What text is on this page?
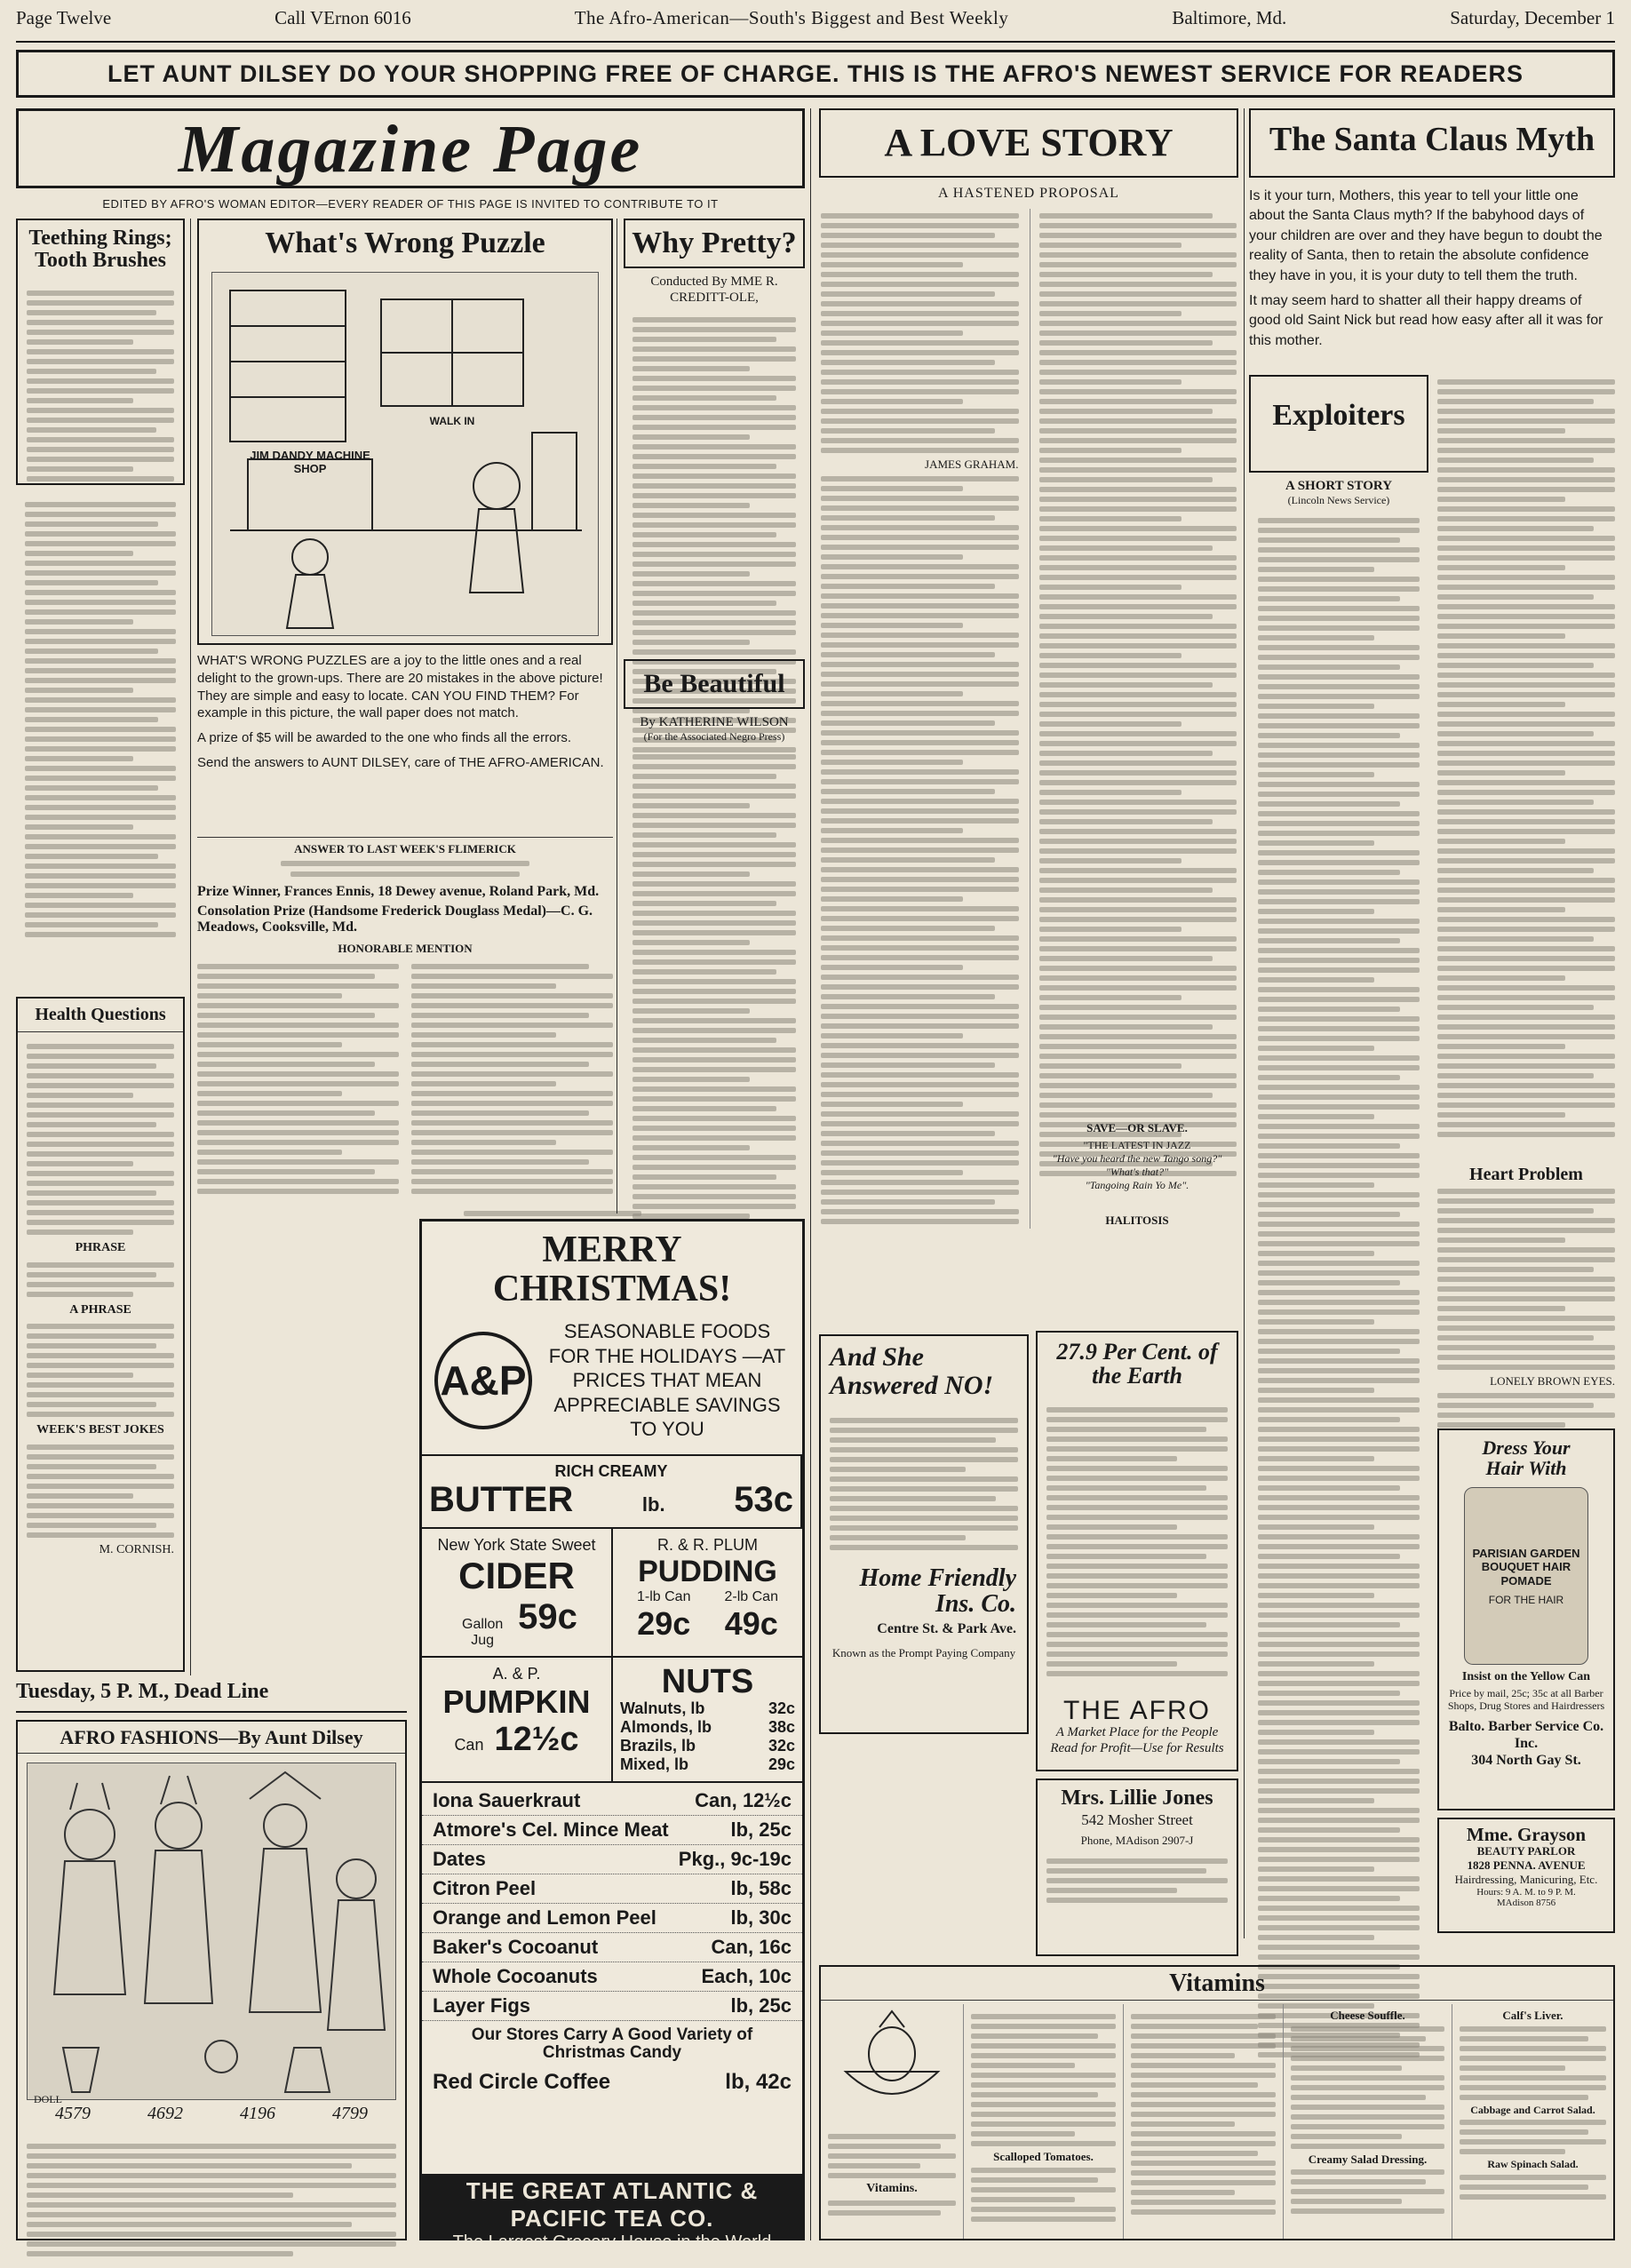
Page Twelve	Call VErnon 6016	The Afro-American—South's Biggest and Best Weekly	Baltimore, Md.	Saturday, December 1
LET AUNT DILSEY DO YOUR SHOPPING FREE OF CHARGE. THIS IS THE AFRO'S NEWEST SERVICE FOR READERS
Magazine Page
EDITED BY AFRO'S WOMAN EDITOR—EVERY READER OF THIS PAGE IS INVITED TO CONTRIBUTE TO IT
Teething Rings; Tooth Brushes
Health Questions
PHRASE
A PHRASE
WEEK'S BEST JOKES
M. CORNISH.
Tuesday, 5 P. M., Dead Line
AFRO FASHIONS—By Aunt Dilsey
4579	4692	4196	4799
DOLL
What's Wrong Puzzle
JIM DANDY MACHINE SHOP
WALK IN

WHAT'S WRONG PUZZLES are a joy to the little ones and a real delight to the grown-ups. There are 20 mistakes in the above picture! They are simple and easy to locate. CAN YOU FIND THEM? For example in this picture, the wall paper does not match.

A prize of $5 will be awarded to the one who finds all the errors.

Send the answers to AUNT DILSEY, care of THE AFRO-AMERICAN.

ANSWER TO LAST WEEK'S FLIMERICK

Prize Winner, Frances Ennis, 18 Dewey avenue, Roland Park, Md.

Consolation Prize (Handsome Frederick Douglass Medal)—C. G. Meadows, Cooksville, Md.

HONORABLE MENTION
Why Pretty?
Conducted By MME R. CREDITT-OLE,
Be Beautiful
By KATHERINE WILSON
(For the Associated Negro Press)
MERRY CHRISTMAS!
A&P
SEASONABLE FOODS FOR THE HOLIDAYS —AT PRICES THAT MEAN APPRECIABLE SAVINGS TO YOU
RICH CREAMY
BUTTER	lb. 53c
New York State Sweet
CIDER
Gallon Jug
59c
R. & R. PLUM
PUDDING
1-lb Can 2-lb Can
29c 49c
A. & P.
PUMPKIN
Can 12½c
NUTS
Walnuts, lb	32c
Almonds, lb	38c
Brazils, lb	32c
Mixed, lb	29c
Iona Sauerkraut	Can, 12½c
Atmore's Cel. Mince Meat	lb, 25c
Dates	Pkg., 9c-19c
Citron Peel	lb, 58c
Orange and Lemon Peel	lb, 30c
Baker's Cocoanut	Can, 16c
Whole Cocoanuts	Each, 10c
Layer Figs	lb, 25c
Our Stores Carry A Good Variety of Christmas Candy
Red Circle Coffee	lb, 42c
THE GREAT ATLANTIC & PACIFIC TEA CO.
The Largest Grocery House in the World
A LOVE STORY
A HASTENED PROPOSAL
JAMES GRAHAM.
SAVE—OR SLAVE.
"THE LATEST IN JAZZ
"Have you heard the new Tango song?"
"What's that?"
"Tangoing Rain Yo Me".
HALITOSIS
27.9 Per Cent. of the Earth
THE AFRO
A Market Place for the People Read for Profit—Use for Results
And She Answered NO!
Home Friendly Ins. Co.
Centre St. & Park Ave.
Known as the Prompt Paying Company
Mrs. Lillie Jones
542 Mosher Street
Phone, MAdison 2907-J
The Santa Claus Myth

Is it your turn, Mothers, this year to tell your little one about the Santa Claus myth? If the babyhood days of your children are over and they have begun to doubt the reality of Santa, then to retain the absolute confidence they have in you, it is your duty to tell them the truth.

It may seem hard to shatter all their happy dreams of good old Saint Nick but read how easy after all it was for this mother.

Exploiters
A SHORT STORY
(Lincoln News Service)
Heart Problem
LONELY BROWN EYES.
Dress Your Hair With
PARISIAN GARDEN BOUQUET HAIR POMADE
FOR THE HAIR
Insist on the Yellow Can
Price by mail, 25c; 35c at all Barber Shops, Drug Stores and Hairdressers
Balto. Barber Service Co. Inc.
304 North Gay St.
Mme. Grayson
BEAUTY PARLOR
1828 PENNA. AVENUE
Hairdressing, Manicuring, Etc.
Hours: 9 A. M. to 9 P. M.
MAdison 8756
Vitamins
Vitamins.
Scalloped Tomatoes.
Cheese Souffle.
Creamy Salad Dressing.
Calf's Liver.
Cabbage and Carrot Salad.
Raw Spinach Salad.
